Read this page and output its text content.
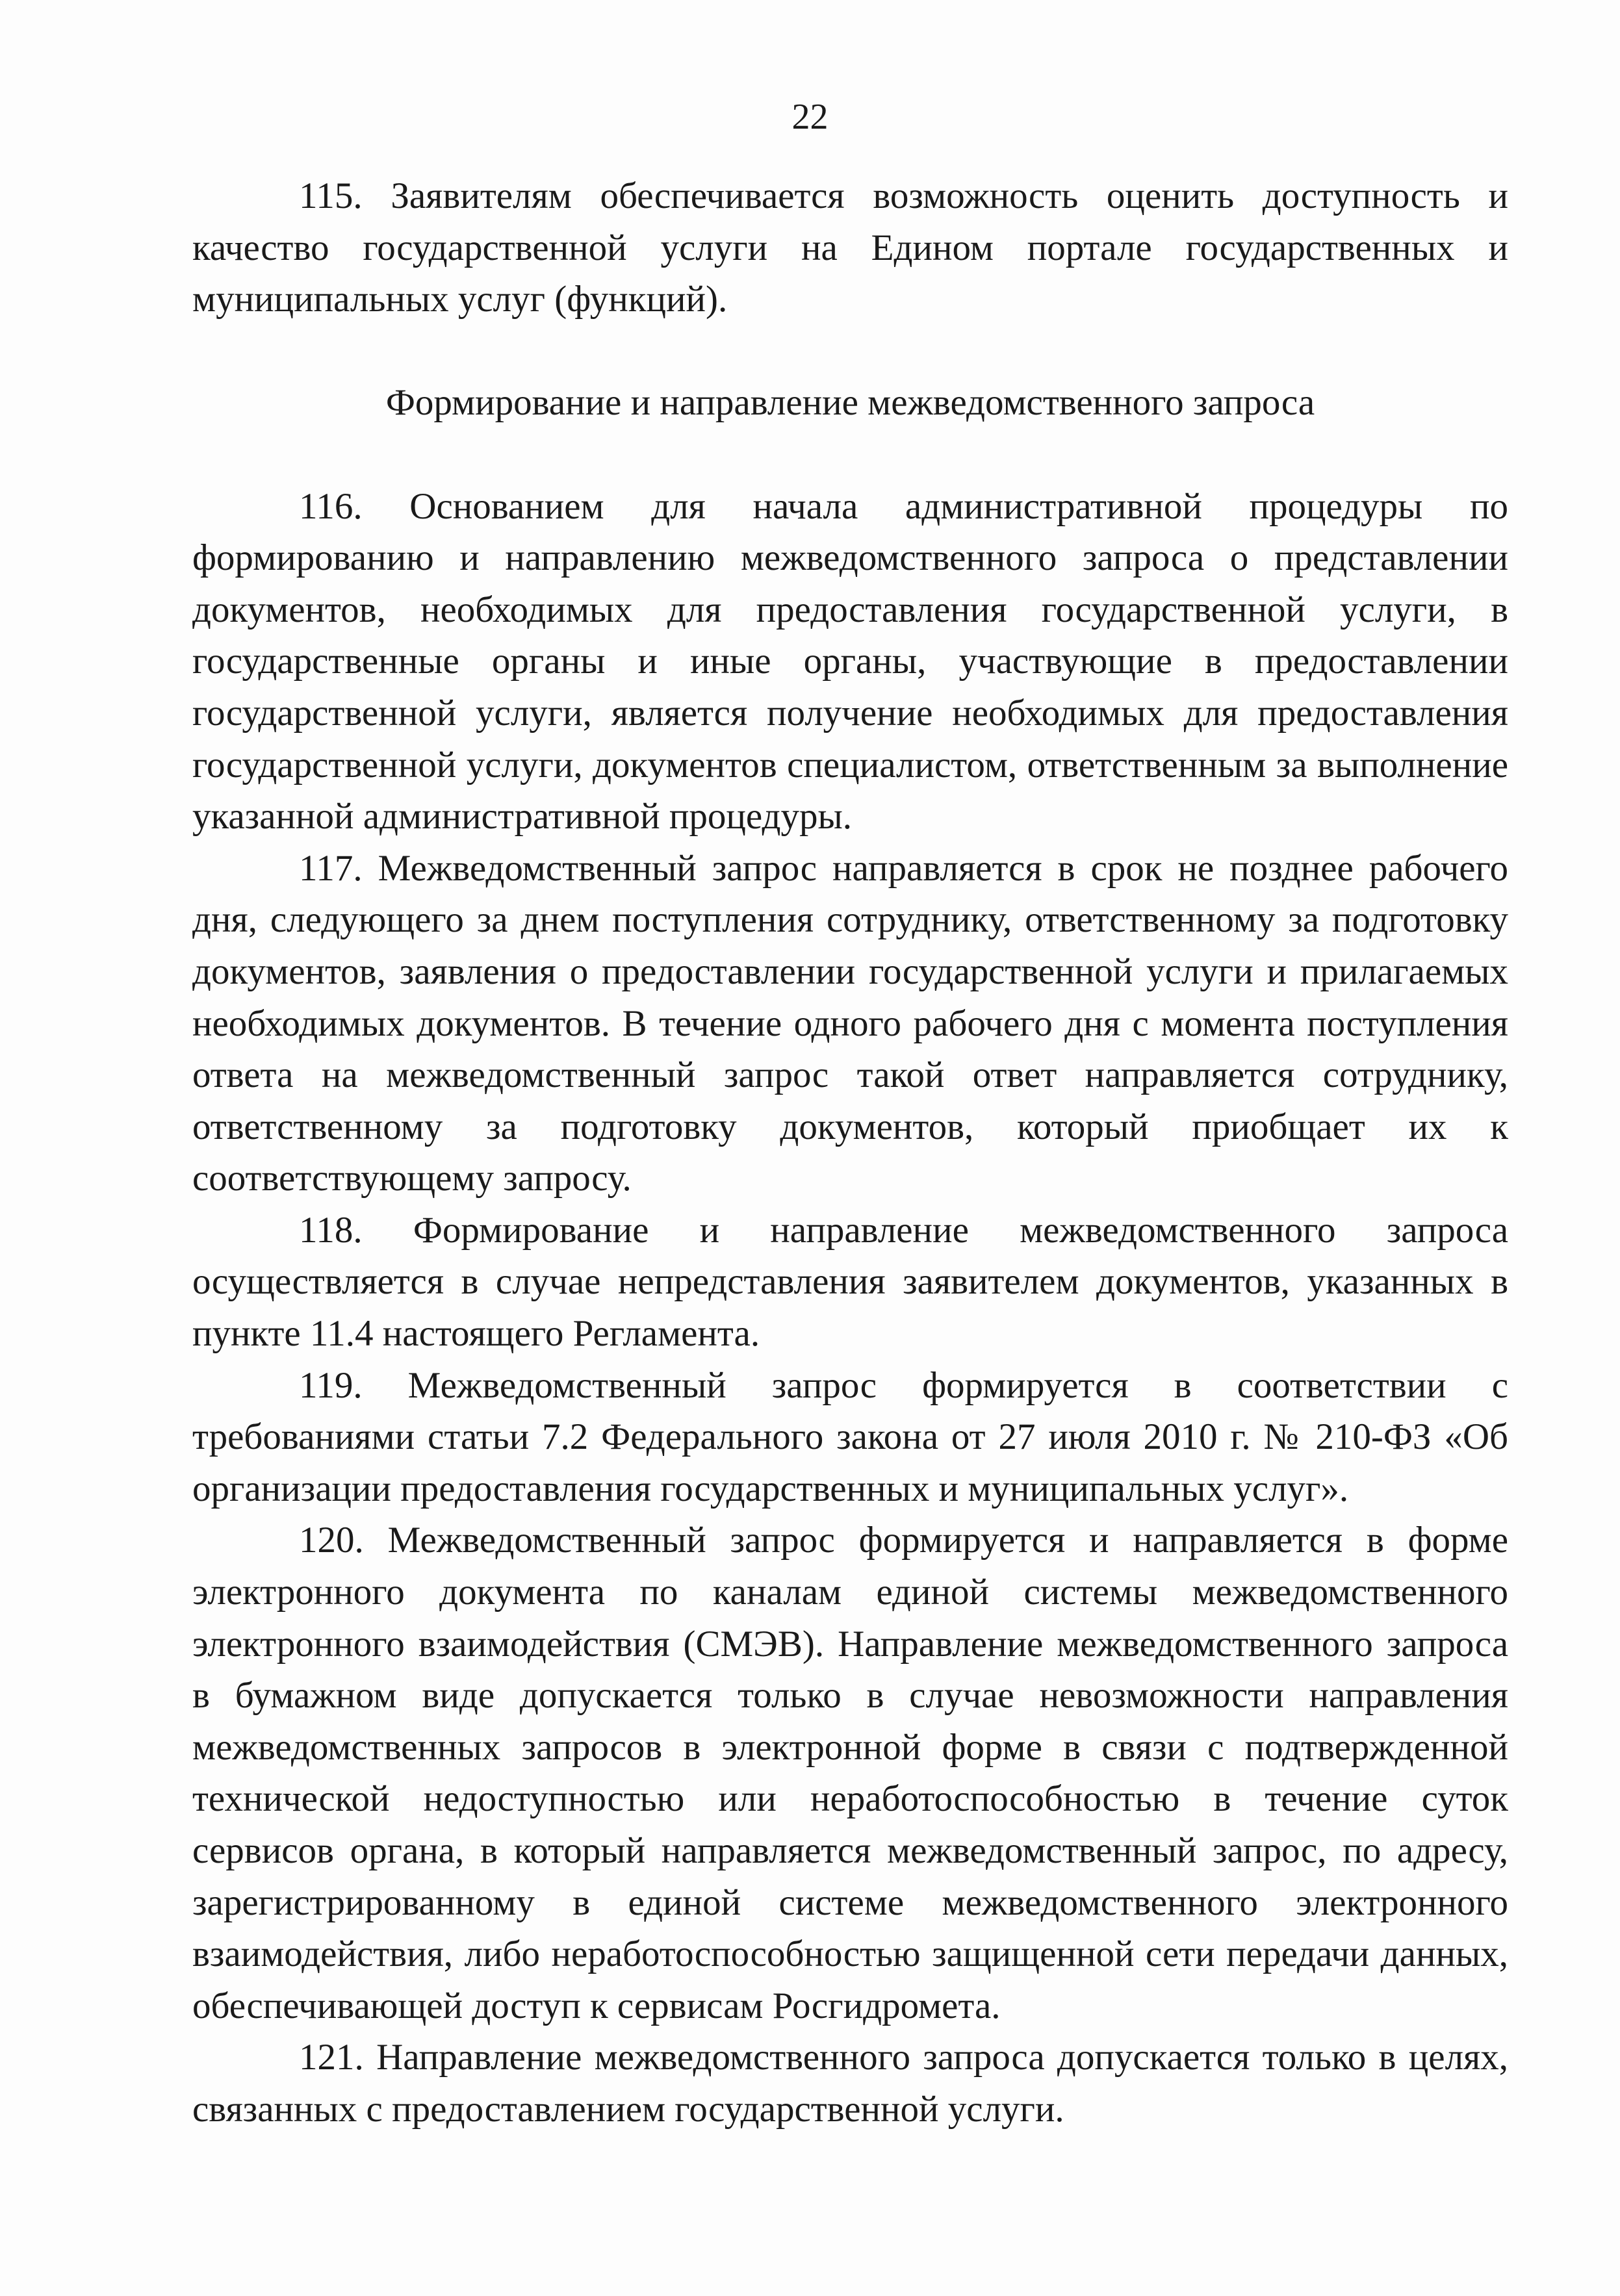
22

115. Заявителям обеспечивается возможность оценить доступность и качество государственной услуги на Едином портале государственных и муниципальных услуг (функций).

Формирование и направление межведомственного запроса

116. Основанием для начала административной процедуры по формированию и направлению межведомственного запроса о представлении документов, необходимых для предоставления государственной услуги, в государственные органы и иные органы, участвующие в предоставлении государственной услуги, является получение необходимых для предоставления государственной услуги, документов специалистом, ответственным за выполнение указанной административной процедуры.

117. Межведомственный запрос направляется в срок не позднее рабочего дня, следующего за днем поступления сотруднику, ответственному за подготовку документов, заявления о предоставлении государственной услуги и прилагаемых необходимых документов. В течение одного рабочего дня с момента поступления ответа на межведомственный запрос такой ответ направляется сотруднику, ответственному за подготовку документов, который приобщает их к соответствующему запросу.

118. Формирование и направление межведомственного запроса осуществляется в случае непредставления заявителем документов, указанных в пункте 11.4 настоящего Регламента.

119. Межведомственный запрос формируется в соответствии с требованиями статьи 7.2 Федерального закона от 27 июля 2010 г. № 210-ФЗ «Об организации предоставления государственных и муниципальных услуг».

120. Межведомственный запрос формируется и направляется в форме электронного документа по каналам единой системы межведомственного электронного взаимодействия (СМЭВ). Направление межведомственного запроса в бумажном виде допускается только в случае невозможности направления межведомственных запросов в электронной форме в связи с подтвержденной технической недоступностью или неработоспособностью в течение суток сервисов органа, в который направляется межведомственный запрос, по адресу, зарегистрированному в единой системе межведомственного электронного взаимодействия, либо неработоспособностью защищенной сети передачи данных, обеспечивающей доступ к сервисам Росгидромета.

121. Направление межведомственного запроса допускается только в целях, связанных с предоставлением государственной услуги.
